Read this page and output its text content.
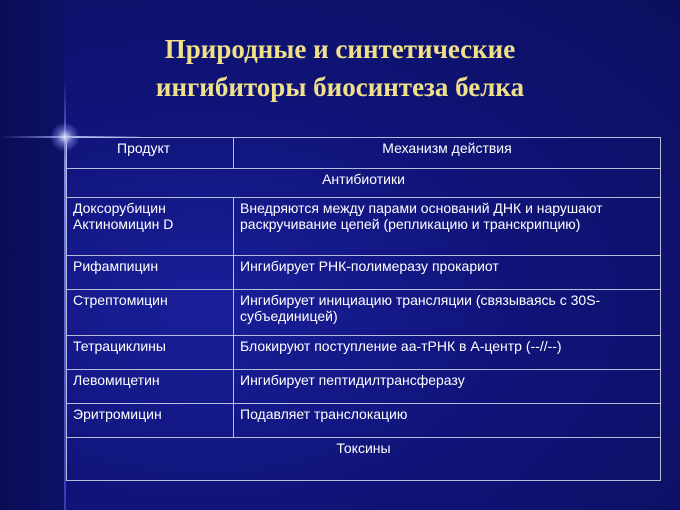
Природные и синтетические
ингибиторы биосинтеза белка
Продукт	Механизм действия
Антибиотики	
Доксорубицин Актиномицин D	Внедряются между парами оснований ДНК и нарушают раскручивание цепей (репликацию и транскрипцию)
Рифампицин	Ингибирует РНК-полимеразу прокариот
Стрептомицин	Ингибирует инициацию трансляции (связываясь с 30S-субъединицей)
Тетрациклины	Блокируют поступление аа-тРНК в А-центр (--//--)
Левомицетин	Ингибирует пептидилтрансферазу
Эритромицин	Подавляет транслокацию
Токсины	
